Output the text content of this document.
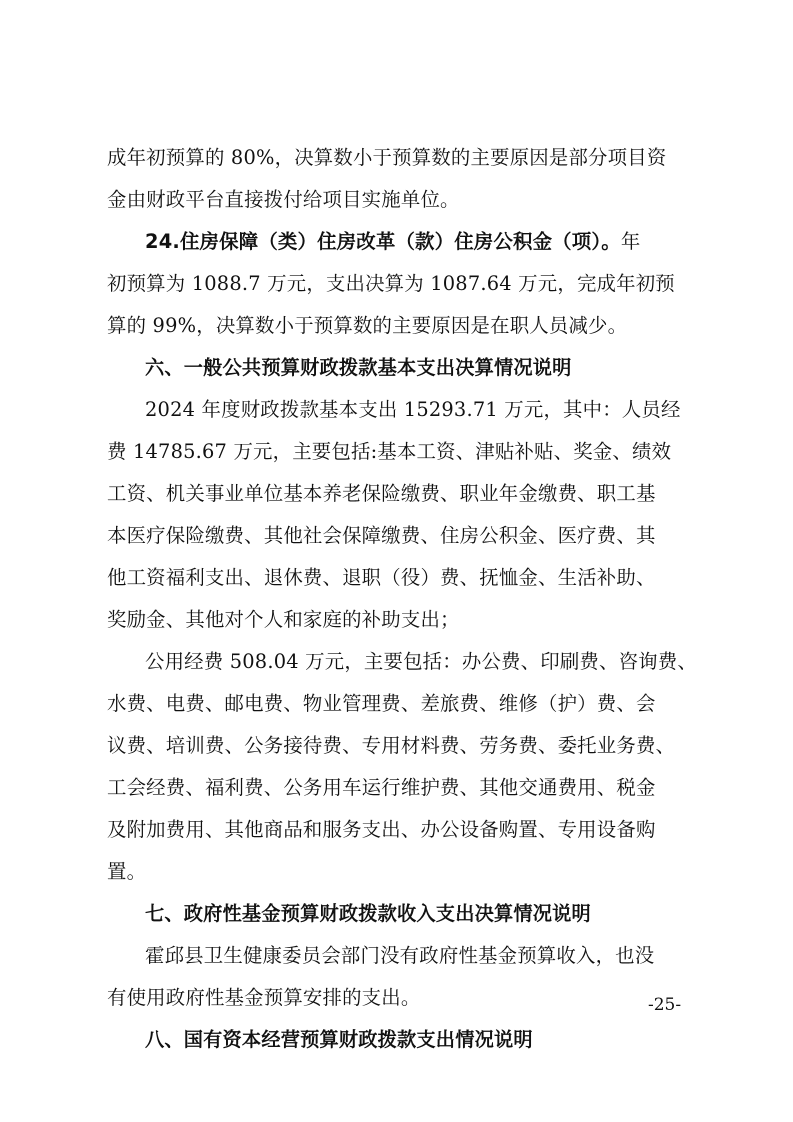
成年初预算的 80%，决算数小于预算数的主要原因是部分项目资
金由财政平台直接拨付给项目实施单位。
24.住房保障（类）住房改革（款）住房公积金（项）。年
初预算为 1088.7 万元，支出决算为 1087.64 万元，完成年初预
算的 99%，决算数小于预算数的主要原因是在职人员减少。
六、一般公共预算财政拨款基本支出决算情况说明
2024 年度财政拨款基本支出 15293.71 万元，其中：人员经
费 14785.67 万元，主要包括:基本工资、津贴补贴、奖金、绩效
工资、机关事业单位基本养老保险缴费、职业年金缴费、职工基
本医疗保险缴费、其他社会保障缴费、住房公积金、医疗费、其
他工资福利支出、退休费、退职（役）费、抚恤金、生活补助、
奖励金、其他对个人和家庭的补助支出；
公用经费 508.04 万元，主要包括：办公费、印刷费、咨询费、
水费、电费、邮电费、物业管理费、差旅费、维修（护）费、会
议费、培训费、公务接待费、专用材料费、劳务费、委托业务费、
工会经费、福利费、公务用车运行维护费、其他交通费用、税金
及附加费用、其他商品和服务支出、办公设备购置、专用设备购
置。
七、政府性基金预算财政拨款收入支出决算情况说明
霍邱县卫生健康委员会部门没有政府性基金预算收入，也没
有使用政府性基金预算安排的支出。
八、国有资本经营预算财政拨款支出情况说明
-25-
